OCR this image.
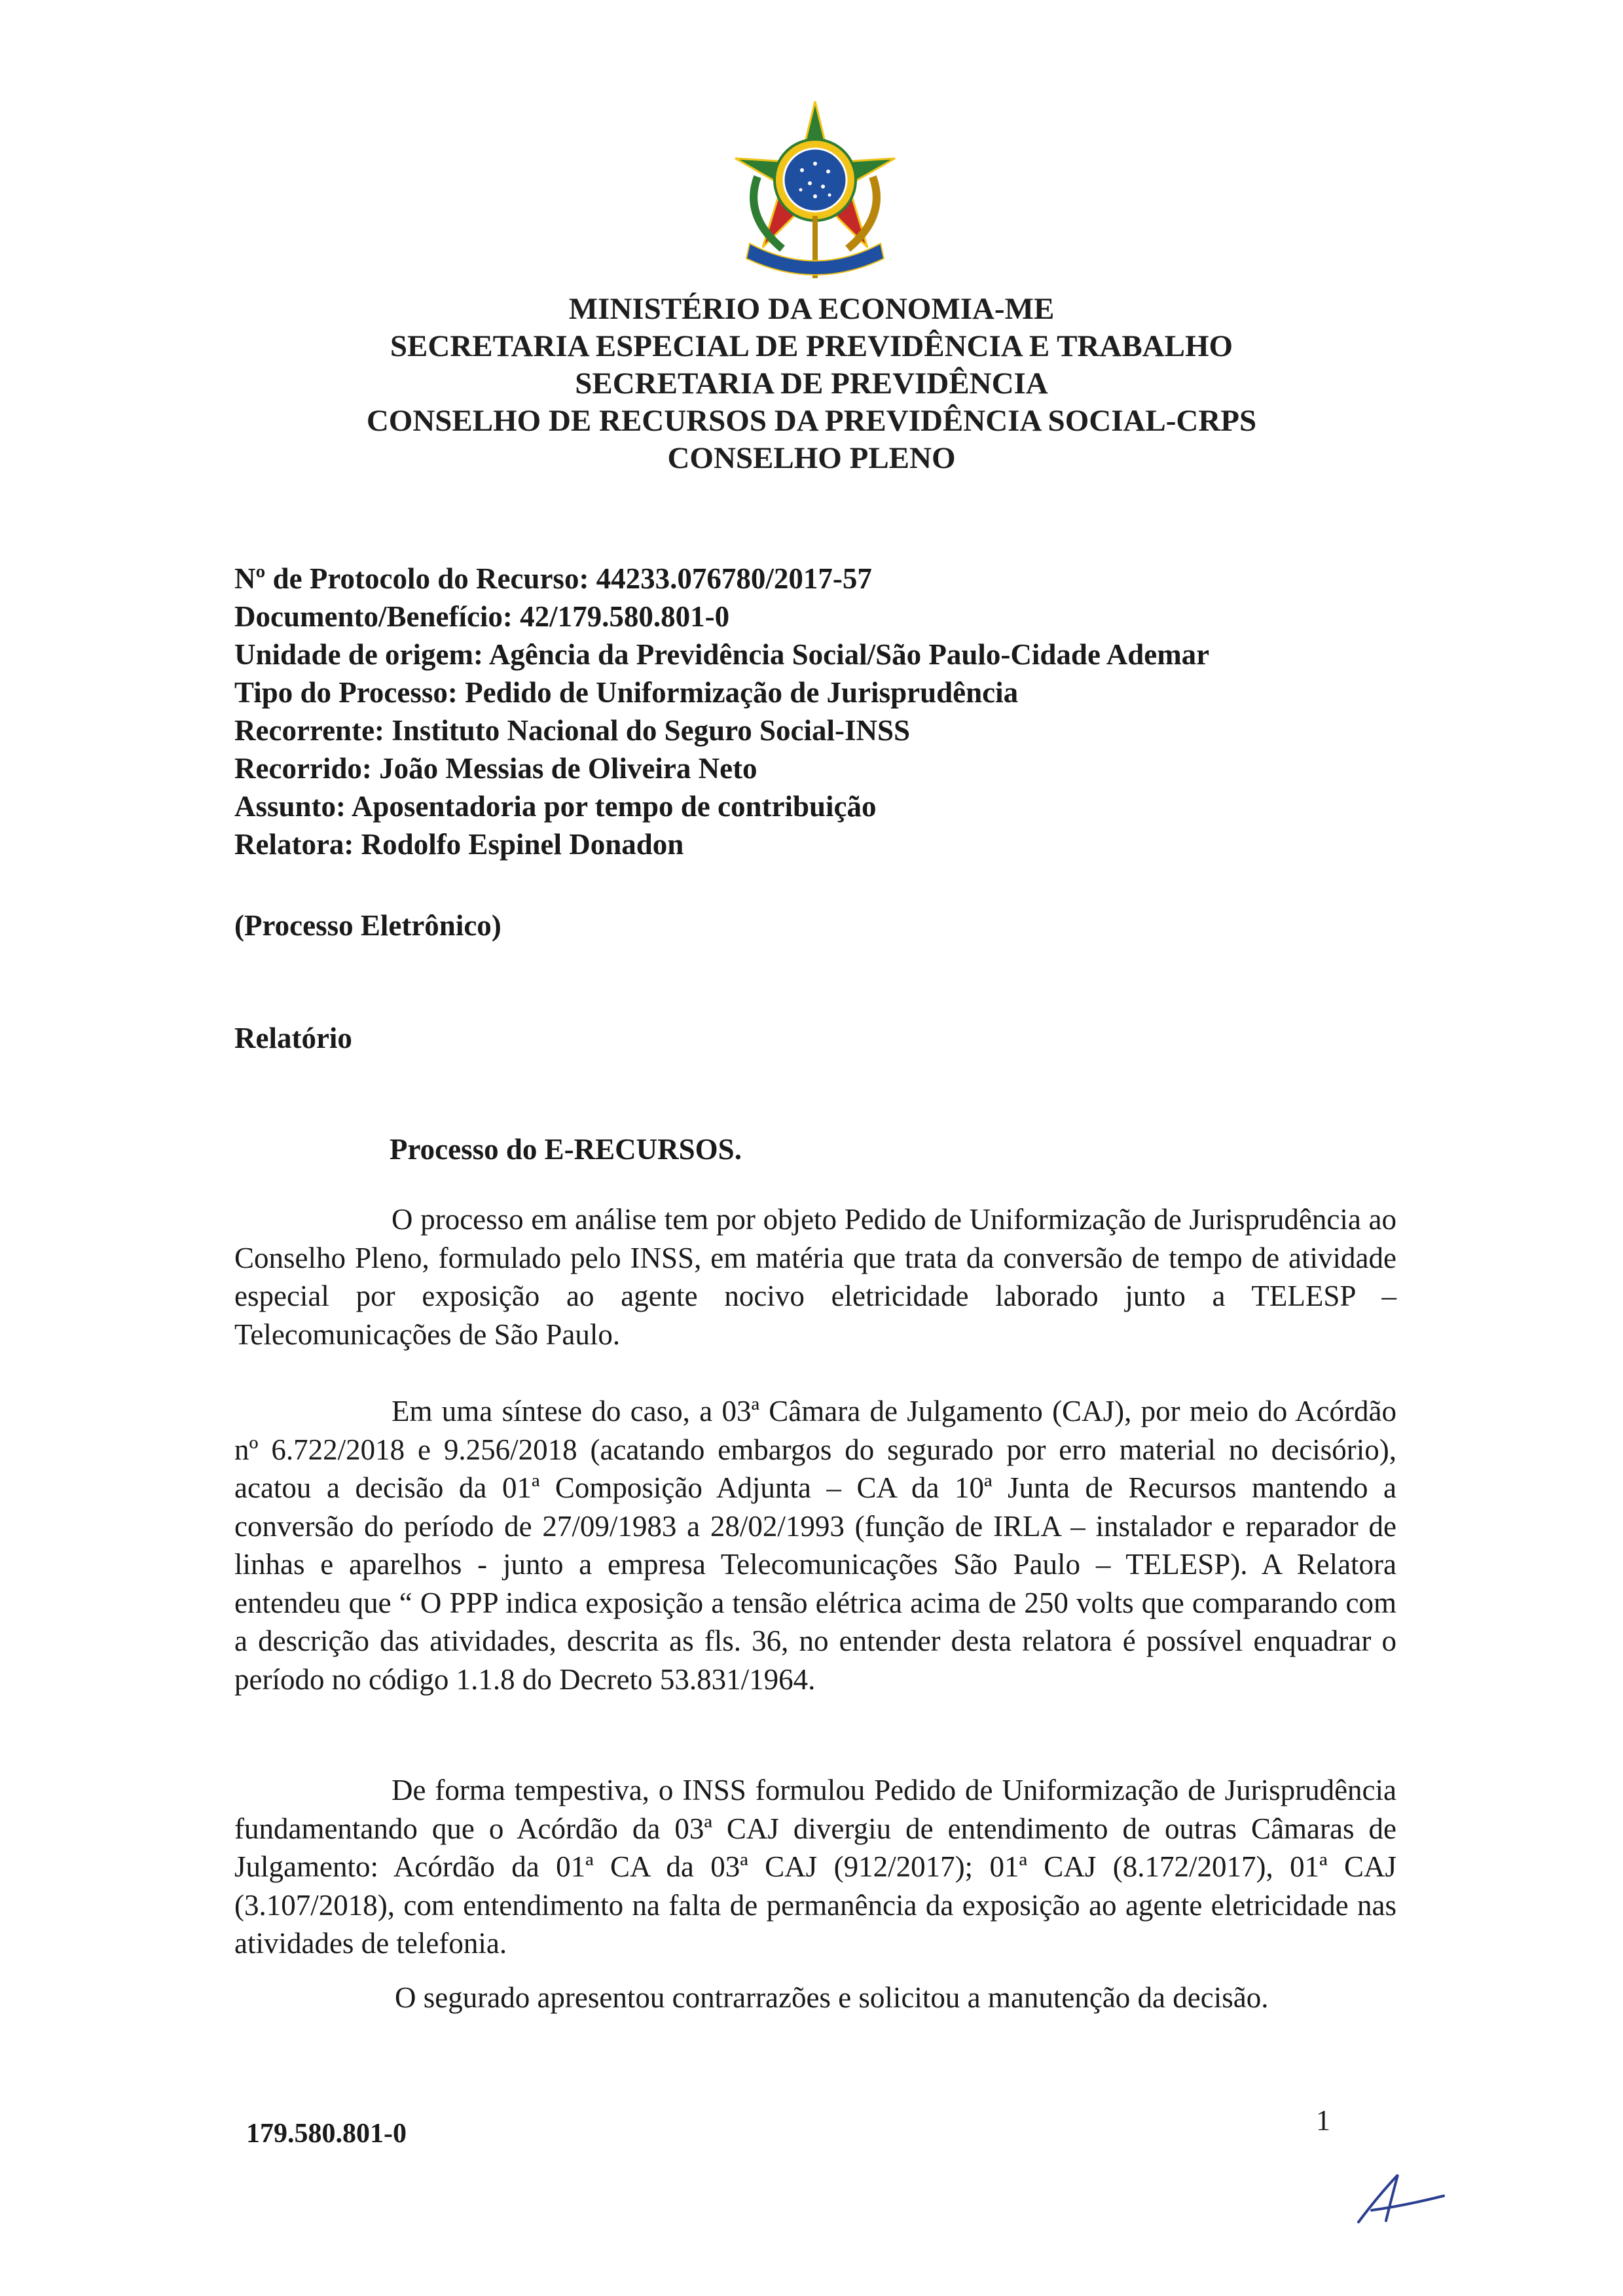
MINISTÉRIO DA ECONOMIA-ME
SECRETARIA ESPECIAL DE PREVIDÊNCIA E TRABALHO
SECRETARIA DE PREVIDÊNCIA
CONSELHO DE RECURSOS DA PREVIDÊNCIA SOCIAL-CRPS
CONSELHO PLENO
Nº de Protocolo do Recurso: 44233.076780/2017-57
Documento/Benefício: 42/179.580.801-0
Unidade de origem: Agência da Previdência Social/São Paulo-Cidade Ademar
Tipo do Processo: Pedido de Uniformização de Jurisprudência
Recorrente: Instituto Nacional do Seguro Social-INSS
Recorrido: João Messias de Oliveira Neto
Assunto: Aposentadoria por tempo de contribuição
Relatora: Rodolfo Espinel Donadon
(Processo Eletrônico)
Relatório
Processo do E-RECURSOS.

O processo em análise tem por objeto Pedido de Uniformização de Jurisprudência ao Conselho Pleno, formulado pelo INSS, em matéria que trata da conversão de tempo de atividade especial por exposição ao agente nocivo eletricidade laborado junto a TELESP – Telecomunicações de São Paulo.

Em uma síntese do caso, a 03ª Câmara de Julgamento (CAJ), por meio do Acórdão nº 6.722/2018 e 9.256/2018 (acatando embargos do segurado por erro material no decisório), acatou a decisão da 01ª Composição Adjunta – CA da 10ª Junta de Recursos mantendo a conversão do período de 27/09/1983 a 28/02/1993 (função de IRLA – instalador e reparador de linhas e aparelhos - junto a empresa Telecomunicações São Paulo – TELESP). A Relatora entendeu que “ O PPP indica exposição a tensão elétrica acima de 250 volts que comparando com a descrição das atividades, descrita as fls. 36, no entender desta relatora é possível enquadrar o período no código 1.1.8 do Decreto 53.831/1964.

De forma tempestiva, o INSS formulou Pedido de Uniformização de Jurisprudência fundamentando que o Acórdão da 03ª CAJ divergiu de entendimento de outras Câmaras de Julgamento: Acórdão da 01ª CA da 03ª CAJ (912/2017); 01ª CAJ (8.172/2017), 01ª CAJ (3.107/2018), com entendimento na falta de permanência da exposição ao agente eletricidade nas atividades de telefonia.

O segurado apresentou contrarrazões e solicitou a manutenção da decisão.

179.580.801-0	1
